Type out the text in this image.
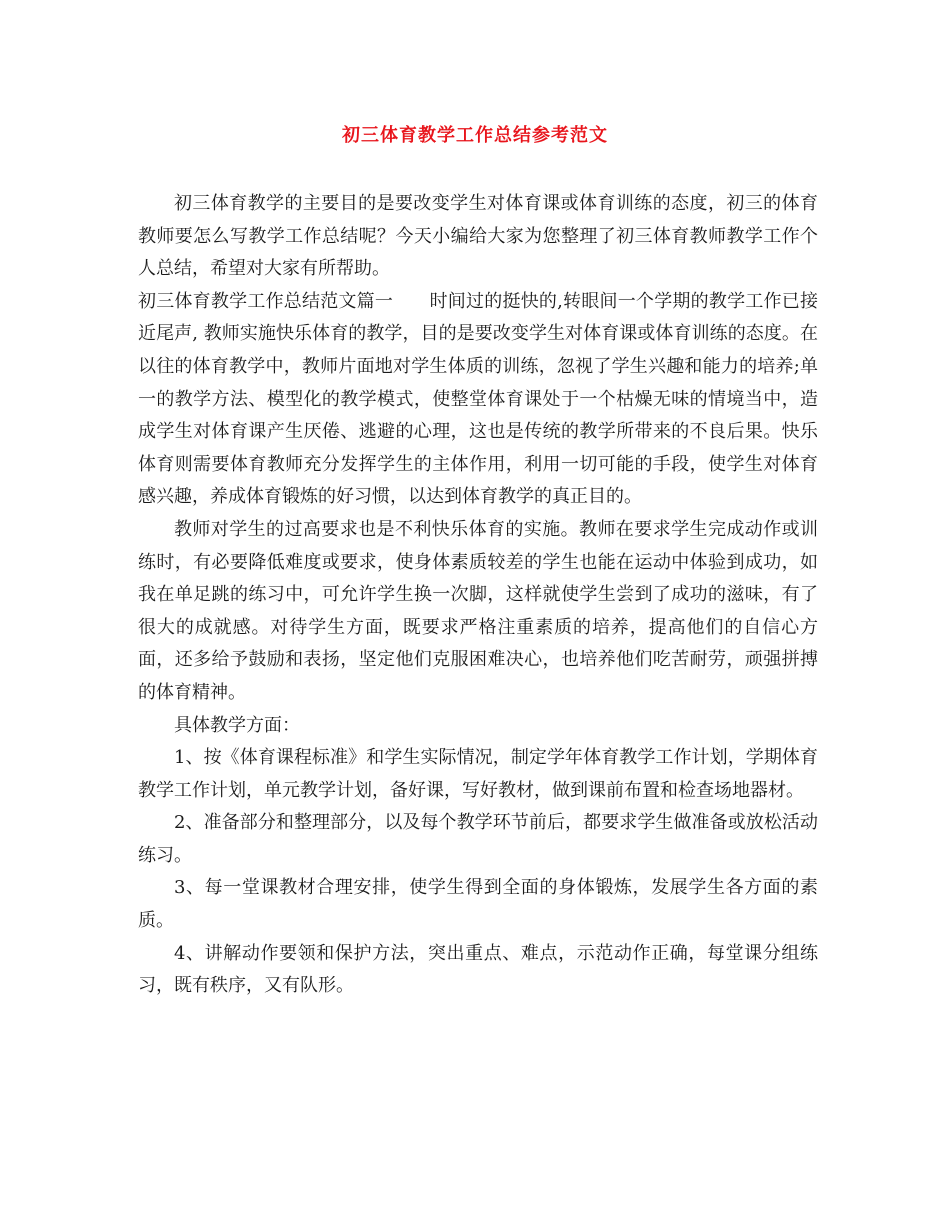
初三体育教学工作总结参考范文

初三体育教学的主要目的是要改变学生对体育课或体育训练的态度，初三的体育教师要怎么写教学工作总结呢？今天小编给大家为您整理了初三体育教师教学工作个人总结，希望对大家有所帮助。

初三体育教学工作总结范文篇一　　时间过的挺快的,转眼间一个学期的教学工作已接近尾声, 教师实施快乐体育的教学，目的是要改变学生对体育课或体育训练的态度。在以往的体育教学中，教师片面地对学生体质的训练，忽视了学生兴趣和能力的培养;单一的教学方法、模型化的教学模式，使整堂体育课处于一个枯燥无味的情境当中，造成学生对体育课产生厌倦、逃避的心理，这也是传统的教学所带来的不良后果。快乐体育则需要体育教师充分发挥学生的主体作用，利用一切可能的手段，使学生对体育感兴趣，养成体育锻炼的好习惯，以达到体育教学的真正目的。

教师对学生的过高要求也是不利快乐体育的实施。教师在要求学生完成动作或训练时，有必要降低难度或要求，使身体素质较差的学生也能在运动中体验到成功，如我在单足跳的练习中，可允许学生换一次脚，这样就使学生尝到了成功的滋味，有了很大的成就感。对待学生方面，既要求严格注重素质的培养，提高他们的自信心方面，还多给予鼓励和表扬，坚定他们克服困难决心，也培养他们吃苦耐劳，顽强拼搏的体育精神。

具体教学方面：

1、按《体育课程标准》和学生实际情况，制定学年体育教学工作计划，学期体育教学工作计划，单元教学计划，备好课，写好教材，做到课前布置和检查场地器材。

2、准备部分和整理部分，以及每个教学环节前后，都要求学生做准备或放松活动练习。

3、每一堂课教材合理安排，使学生得到全面的身体锻炼，发展学生各方面的素质。

4、讲解动作要领和保护方法，突出重点、难点，示范动作正确，每堂课分组练习，既有秩序，又有队形。
